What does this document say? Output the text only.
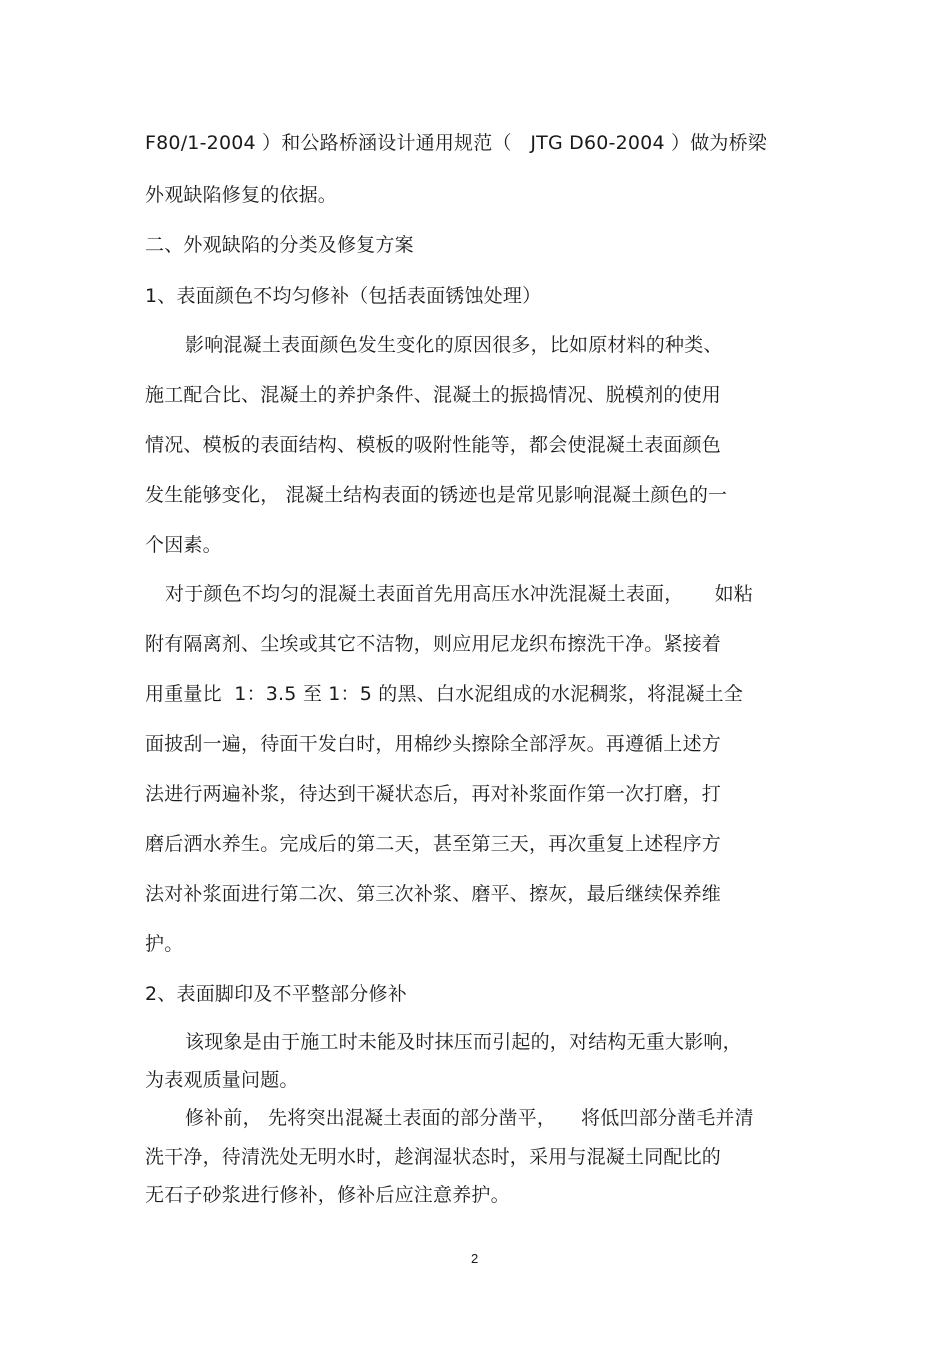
F80/1-2004 ）和公路桥涵设计通用规范（   JTG D60-2004 ）做为桥梁
外观缺陷修复的依据。
二、外观缺陷的分类及修复方案
1、表面颜色不均匀修补（包括表面锈蚀处理）
影响混凝土表面颜色发生变化的原因很多，比如原材料的种类、
施工配合比、混凝土的养护条件、混凝土的振捣情况、脱模剂的使用
情况、模板的表面结构、模板的吸附性能等，都会使混凝土表面颜色
发生能够变化， 混凝土结构表面的锈迹也是常见影响混凝土颜色的一
个因素。
对于颜色不均匀的混凝土表面首先用高压水冲洗混凝土表面，     如粘
附有隔离剂、尘埃或其它不洁物，则应用尼龙织布擦洗干净。紧接着
用重量比  1：3.5 至 1：5 的黑、白水泥组成的水泥稠浆，将混凝土全
面披刮一遍，待面干发白时，用棉纱头擦除全部浮灰。再遵循上述方
法进行两遍补浆，待达到干凝状态后，再对补浆面作第一次打磨，打
磨后洒水养生。完成后的第二天，甚至第三天，再次重复上述程序方
法对补浆面进行第二次、第三次补浆、磨平、擦灰，最后继续保养维
护。
2、表面脚印及不平整部分修补
该现象是由于施工时未能及时抹压而引起的，对结构无重大影响，
为表观质量问题。
修补前， 先将突出混凝土表面的部分凿平，    将低凹部分凿毛并清
洗干净，待清洗处无明水时，趁润湿状态时，采用与混凝土同配比的
无石子砂浆进行修补，修补后应注意养护。
2
